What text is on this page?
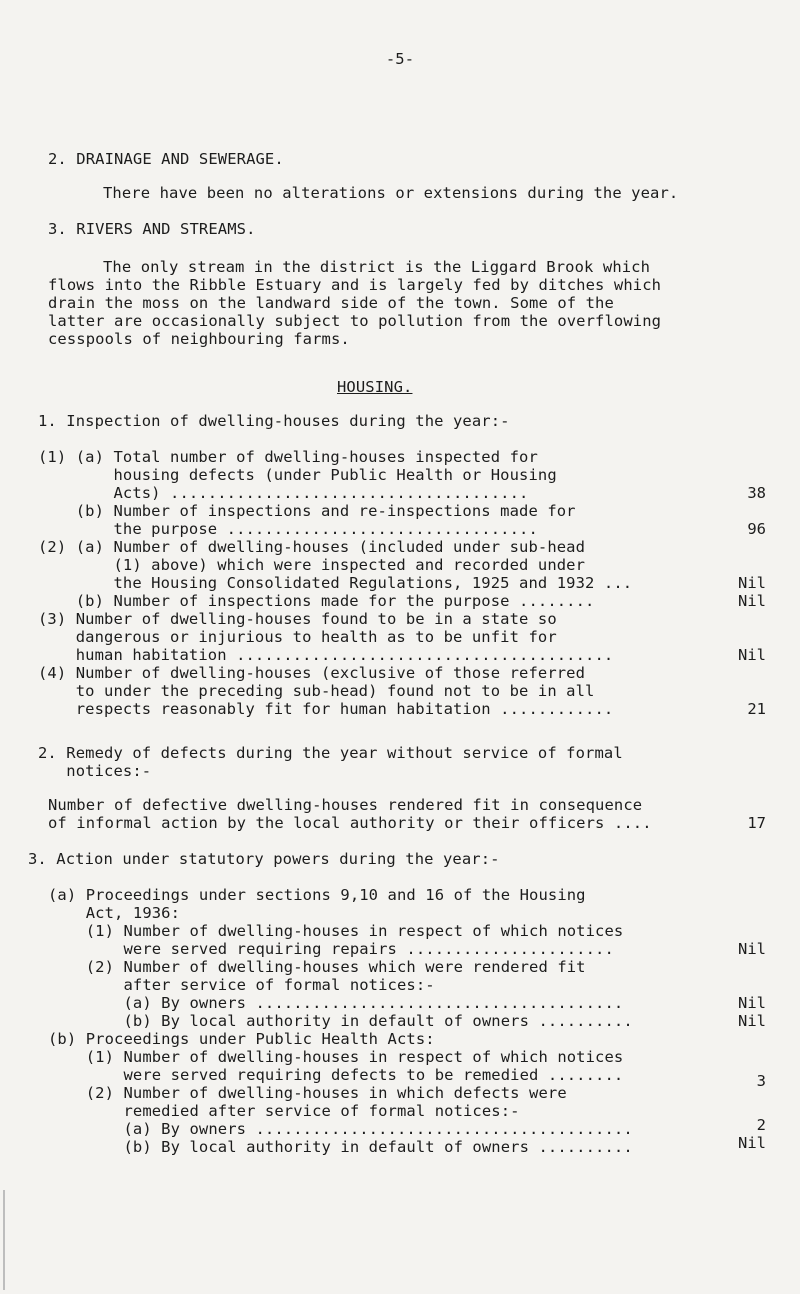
-5-
2. DRAINAGE AND SEWERAGE.
There have been no alterations or extensions during the year.
3. RIVERS AND STREAMS.
The only stream in the district is the Liggard Brook which
flows into the Ribble Estuary and is largely fed by ditches which
drain the moss on the landward side of the town. Some of the
latter are occasionally subject to pollution from the overflowing
cesspools of neighbouring farms.
HOUSING.
1. Inspection of dwelling-houses during the year:-
(1) (a) Total number of dwelling-houses inspected for
housing defects (under Public Health or Housing
Acts) ......................................	38
(b) Number of inspections and re-inspections made for
the purpose .................................	96
(2) (a) Number of dwelling-houses (included under sub-head
(1) above) which were inspected and recorded under
the Housing Consolidated Regulations, 1925 and 1932 ...	Nil
(b) Number of inspections made for the purpose ........	Nil
(3) Number of dwelling-houses found to be in a state so
dangerous or injurious to health as to be unfit for
human habitation ........................................	Nil
(4) Number of dwelling-houses (exclusive of those referred
to under the preceding sub-head) found not to be in all
respects reasonably fit for human habitation ............	21
2. Remedy of defects during the year without service of formal
notices:-
Number of defective dwelling-houses rendered fit in consequence
of informal action by the local authority or their officers ....	17
3. Action under statutory powers during the year:-
(a) Proceedings under sections 9,10 and 16 of the Housing
Act, 1936:
(1) Number of dwelling-houses in respect of which notices
were served requiring repairs ......................	Nil
(2) Number of dwelling-houses which were rendered fit
after service of formal notices:-
(a) By owners .......................................	Nil
(b) By local authority in default of owners ..........	Nil
(b) Proceedings under Public Health Acts:
(1) Number of dwelling-houses in respect of which notices
were served requiring defects to be remedied ........	3
(2) Number of dwelling-houses in which defects were
remedied after service of formal notices:-
(a) By owners ........................................	2
(b) By local authority in default of owners ..........	Nil
